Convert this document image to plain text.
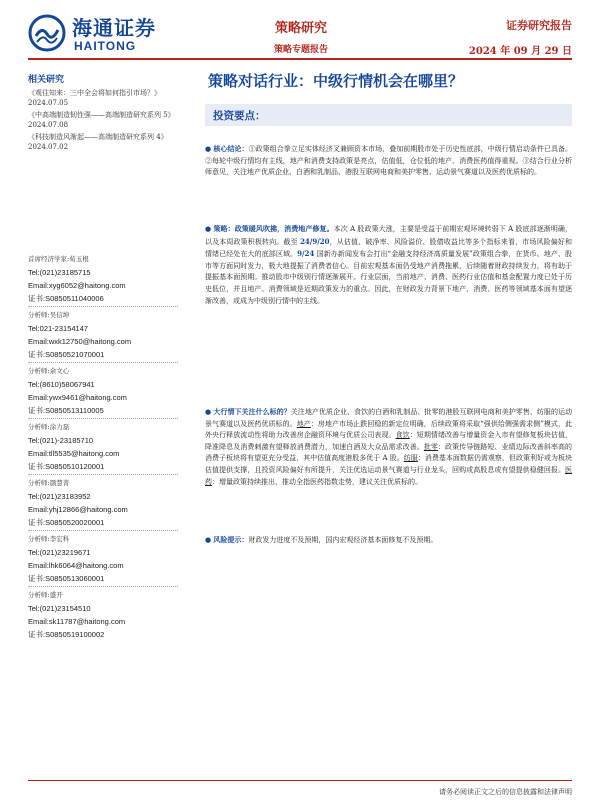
海通证券
HAITONG
策略研究
策略专题报告
证券研究报告
2024 年 09 月 29 日
相关研究
《观往知来：三中全会将如何指引市场？》 2024.07.05
《中高端制造韧性强——高端制造研究系列 5》 2024.07.08
《科技制造风渐起——高端制造研究系列 4》 2024.07.02
首席经济学家:荀玉根
Tel:(021)23185715
Email:xyg6052@haitong.com
证书:S0850511040006
分析师:吴信坤
Tel:021-23154147
Email:wxk12750@haitong.com
证书:S0850521070001
分析师:余文心
Tel:(8610)58067941
Email:ywx9461@haitong.com
证书:S0850513110005
分析师:涂力磊
Tel:(021)-23185710
Email:tll5535@haitong.com
证书:S0850510120001
分析师:颜慧菁
Tel:(021)23183952
Email:yhj12866@haitong.com
证书:S0850520020001
分析师:李宏科
Tel:(021)23219671
Email:lhk6064@haitong.com
证书:S0850513060001
分析师:盛开
Tel:(021)23154510
Email:sk11787@haitong.com
证书:S0850519100002
策略对话行业：中级行情机会在哪里？
投资要点：
● 核心结论：①政策组合拳立足实体经济叉兼顾资本市场，叠加前期股市处于历史性底部，中级行情启动条件已具备。②每轮中级行情均有主线，地产和消费支持政策是亮点，估值低，仓位低的地产、消费医药值得重视。③结合行业分析师意见，关注地产优质企业、白酒和乳制品、港股互联网电商和美护零售、运动景气赛道以及医药优质标的。
● 策略：政策暖风吹拂，消费地产修复。本次 A 股政策大涨，主要是受益于前期宏观环境转弱下 A 股底部逐渐明确，以及本周政策积极转向。截至 24/9/20，从估值、破净率、风险溢价、股债收益比等多个指标来看，市场风险偏好和情绪已经处在大的底部区域。9/24 国新办新闻发布会打出“金融支持经济高质量发展”政策组合拳，在货币、地产、股市等方面同时发力，极大地提振了消费者信心。目前宏观基本面仍受地产消费拖累，后续随着财政持续发力，将有助于提振基本面预期。推动股市中级别行情逐渐展开。行业层面，当前地产、消费、医药行业估值和基金配置力度已处于历史低位，并且地产、消费领域是近期政策发力的重点。因此，在财政发力背景下地产、消费、医药等领域基本面有望逐渐改善，或成为中级别行情中的主线。
● 大行情下关注什么标的？关注地产优质企业、食饮的白酒和乳制品、批零的港股互联网电商和美护零售、纺服的运动景气赛道以及医药优质标的。地产：房地产市场止跌回稳的新定位明确，后续政策将采取“强供给侧强需求侧”模式，此外央行释放流动性将助力改善房企融资环境与优质公司表现。食饮：短期情绪改善与增量资金入市有望修复板块估值，降准降息及消费刺激有望释放消费潜力，加速白酒及大众品需求改善。批零：政策传导链路短、业绩边际改善斜率高的消费子板块将有望更充分受益，其中估值高度港股多优于 A 股。纺服：消费基本面数据仍需观察，但政策利好或为板块估值提供支撑，且投资风险偏好有所提升，关注优选运动景气赛道与行业龙头，回购或高股息或有望提供稳健回报。医药：增量政策持续推出，推动全指医药指数走势，建议关注优质标的。
● 风险提示：财政发力进度不及预期，国内宏观经济基本面修复不及预期。
请务必阅读正文之后的信息披露和法律声明
